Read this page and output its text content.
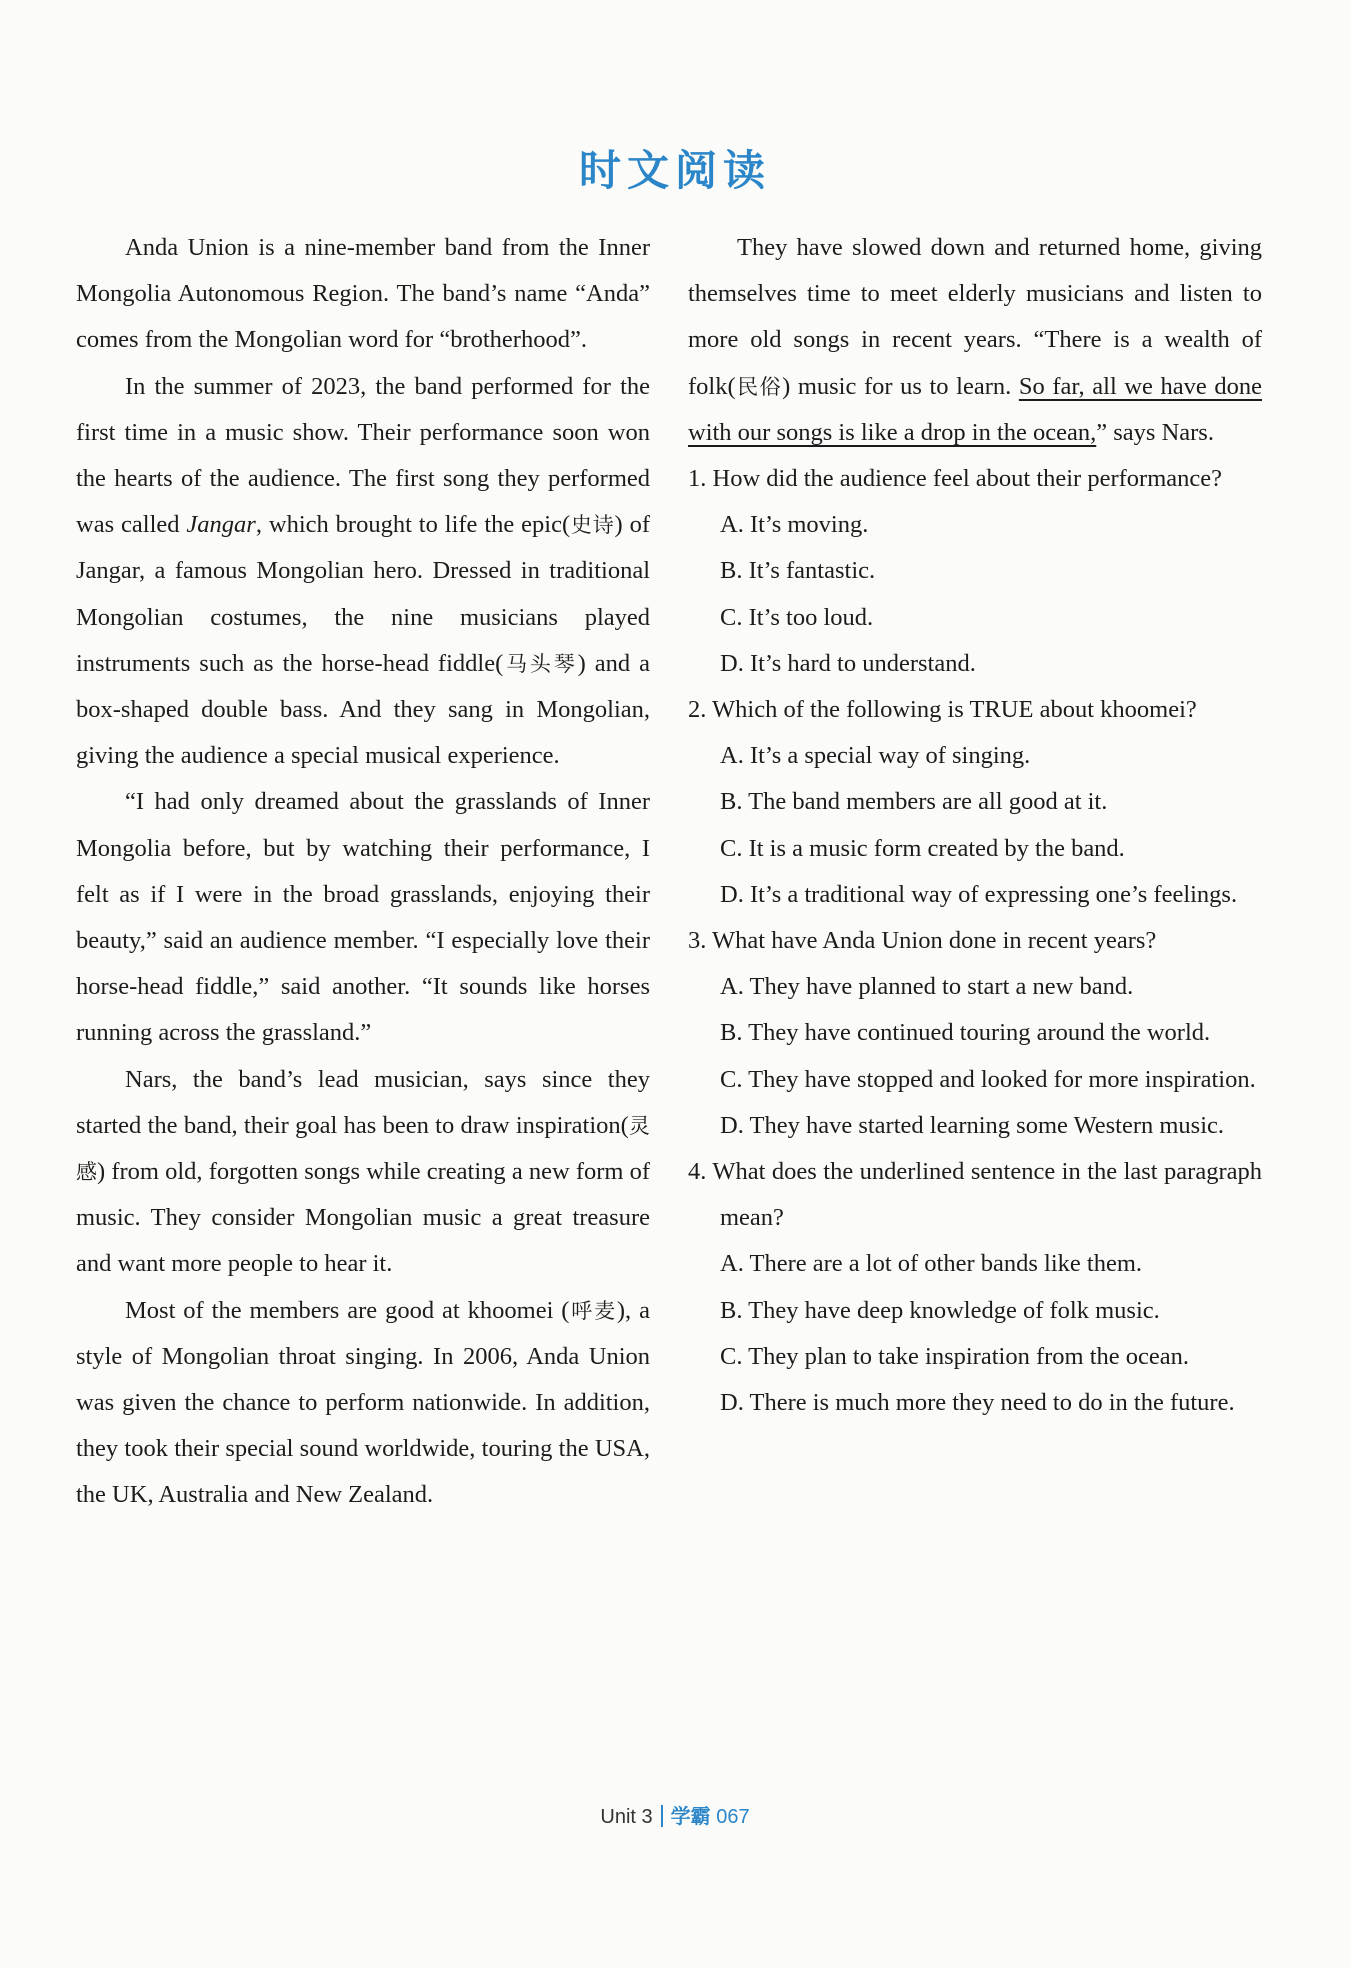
时文阅读

Anda Union is a nine-member band from the Inner Mongolia Autonomous Region. The band’s name “Anda” comes from the Mongolian word for “brotherhood”.

In the summer of 2023, the band performed for the first time in a music show. Their performance soon won the hearts of the audience. The first song they performed was called Jangar, which brought to life the epic(史诗) of Jangar, a famous Mongolian hero. Dressed in traditional Mongolian costumes, the nine musicians played instruments such as the horse-head fiddle(马头琴) and a box-shaped double bass. And they sang in Mongolian, giving the audience a special musical experience.

“I had only dreamed about the grasslands of Inner Mongolia before, but by watching their performance, I felt as if I were in the broad grasslands, enjoying their beauty,” said an audience member. “I especially love their horse-head fiddle,” said another. “It sounds like horses running across the grassland.”

Nars, the band’s lead musician, says since they started the band, their goal has been to draw inspiration(灵感) from old, forgotten songs while creating a new form of music. They consider Mongolian music a great treasure and want more people to hear it.

Most of the members are good at khoomei (呼麦), a style of Mongolian throat singing. In 2006, Anda Union was given the chance to perform nationwide. In addition, they took their special sound worldwide, touring the USA, the UK, Australia and New Zealand.

They have slowed down and returned home, giving themselves time to meet elderly musicians and listen to more old songs in recent years. “There is a wealth of folk(民俗) music for us to learn. So far, all we have done with our songs is like a drop in the ocean,” says Nars.

1. How did the audience feel about their performance?
A. It’s moving.
B. It’s fantastic.
C. It’s too loud.
D. It’s hard to understand.
2. Which of the following is TRUE about khoomei?
A. It’s a special way of singing.
B. The band members are all good at it.
C. It is a music form created by the band.
D. It’s a traditional way of expressing one’s feelings.
3. What have Anda Union done in recent years?
A. They have planned to start a new band.
B. They have continued touring around the world.
C. They have stopped and looked for more inspiration.
D. They have started learning some Western music.
4. What does the underlined sentence in the last paragraph mean?
A. There are a lot of other bands like them.
B. They have deep knowledge of folk music.
C. They plan to take inspiration from the ocean.
D. There is much more they need to do in the future.
Unit 3 学霸 067
